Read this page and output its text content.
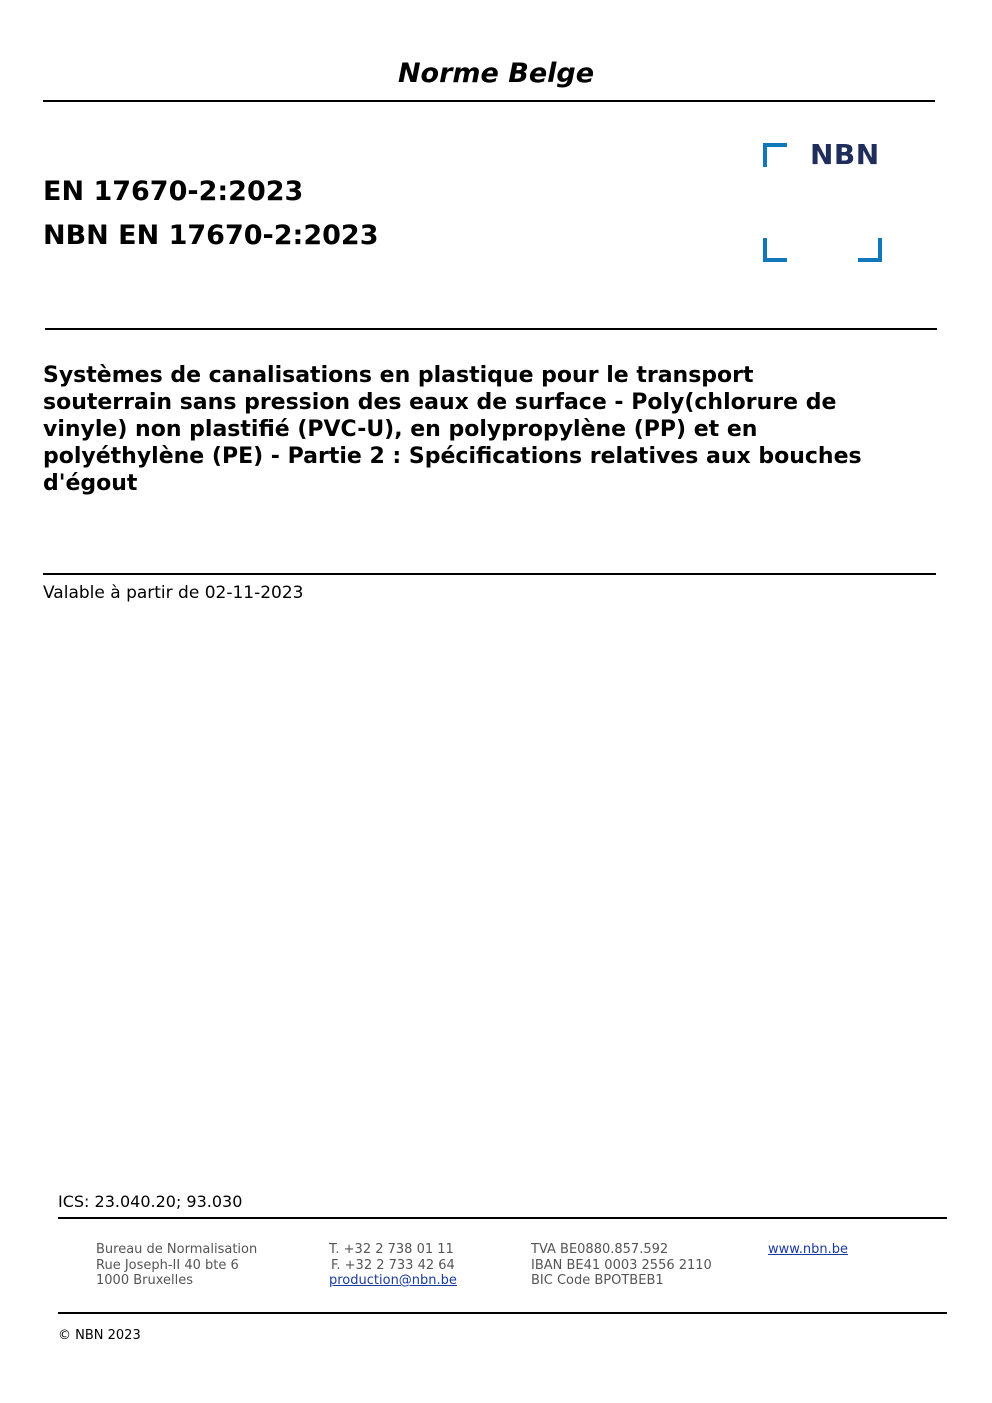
Norme Belge
EN 17670-2:2023
NBN EN 17670-2:2023
NBN
Systèmes de canalisations en plastique pour le transport souterrain sans pression des eaux de surface - Poly(chlorure de vinyle) non plastifié (PVC-U), en polypropylène (PP) et en polyéthylène (PE) - Partie 2 : Spécifications relatives aux bouches d'égout
Valable à partir de 02-11-2023
ICS: 23.040.20; 93.030
Bureau de Normalisation
Rue Joseph-II 40 bte 6
1000 Bruxelles
T. +32 2 738 01 11
F. +32 2 733 42 64
production@nbn.be
TVA BE0880.857.592
IBAN BE41 0003 2556 2110
BIC Code BPOTBEB1
www.nbn.be
© NBN 2023
